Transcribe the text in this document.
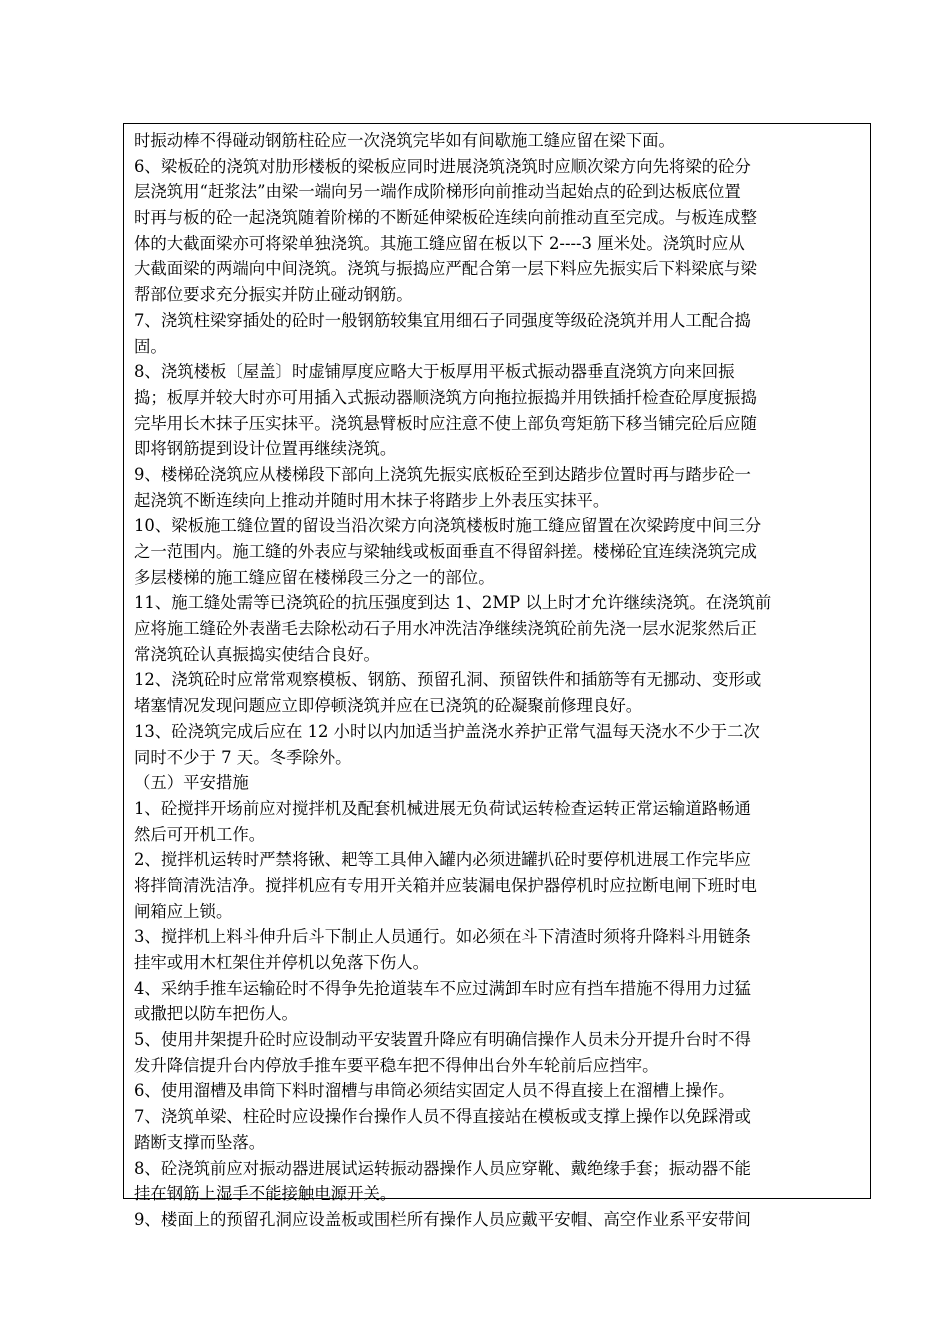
时振动棒不得碰动钢筋柱砼应一次浇筑完毕如有间歇施工缝应留在梁下面。
6、梁板砼的浇筑对肋形楼板的梁板应同时进展浇筑浇筑时应顺次梁方向先将梁的砼分
层浇筑用“赶浆法”由梁一端向另一端作成阶梯形向前推动当起始点的砼到达板底位置
时再与板的砼一起浇筑随着阶梯的不断延伸梁板砼连续向前推动直至完成。与板连成整
体的大截面梁亦可将梁单独浇筑。其施工缝应留在板以下 2----3 厘米处。浇筑时应从
大截面梁的两端向中间浇筑。浇筑与振捣应严配合第一层下料应先振实后下料梁底与梁
帮部位要求充分振实并防止碰动钢筋。
7、浇筑柱梁穿插处的砼时一般钢筋较集宜用细石子同强度等级砼浇筑并用人工配合捣
固。
8、浇筑楼板〔屋盖〕时虚铺厚度应略大于板厚用平板式振动器垂直浇筑方向来回振
捣；板厚并较大时亦可用插入式振动器顺浇筑方向拖拉振捣并用铁插扦检查砼厚度振捣
完毕用长木抹子压实抹平。浇筑悬臂板时应注意不使上部负弯矩筋下移当铺完砼后应随
即将钢筋提到设计位置再继续浇筑。
9、楼梯砼浇筑应从楼梯段下部向上浇筑先振实底板砼至到达踏步位置时再与踏步砼一
起浇筑不断连续向上推动并随时用木抹子将踏步上外表压实抹平。
10、梁板施工缝位置的留设当沿次梁方向浇筑楼板时施工缝应留置在次梁跨度中间三分
之一范围内。施工缝的外表应与梁轴线或板面垂直不得留斜搓。楼梯砼宜连续浇筑完成
多层楼梯的施工缝应留在楼梯段三分之一的部位。
11、施工缝处需等已浇筑砼的抗压强度到达 1、2MP 以上时才允许继续浇筑。在浇筑前
应将施工缝砼外表凿毛去除松动石子用水冲洗洁净继续浇筑砼前先浇一层水泥浆然后正
常浇筑砼认真振捣实使结合良好。
12、浇筑砼时应常常观察模板、钢筋、预留孔洞、预留铁件和插筋等有无挪动、变形或
堵塞情况发现问题应立即停顿浇筑并应在已浇筑的砼凝聚前修理良好。
13、砼浇筑完成后应在 12 小时以内加适当护盖浇水养护正常气温每天浇水不少于二次
同时不少于 7 天。冬季除外。
（五）平安措施
1、砼搅拌开场前应对搅拌机及配套机械进展无负荷试运转检查运转正常运输道路畅通
然后可开机工作。
2、搅拌机运转时严禁将锹、耙等工具伸入罐内必须进罐扒砼时要停机进展工作完毕应
将拌筒清洗洁净。搅拌机应有专用开关箱并应装漏电保护器停机时应拉断电闸下班时电
闸箱应上锁。
3、搅拌机上料斗伸升后斗下制止人员通行。如必须在斗下清渣时须将升降料斗用链条
挂牢或用木杠架住并停机以免落下伤人。
4、采纳手推车运输砼时不得争先抢道装车不应过满卸车时应有挡车措施不得用力过猛
或撒把以防车把伤人。
5、使用井架提升砼时应设制动平安装置升降应有明确信操作人员未分开提升台时不得
发升降信提升台内停放手推车要平稳车把不得伸出台外车轮前后应挡牢。
6、使用溜槽及串筒下料时溜槽与串筒必须结实固定人员不得直接上在溜槽上操作。
7、浇筑单梁、柱砼时应设操作台操作人员不得直接站在模板或支撑上操作以免踩滑或
踏断支撑而坠落。
8、砼浇筑前应对振动器进展试运转振动器操作人员应穿靴、戴绝缘手套；振动器不能
挂在钢筋上湿手不能接触电源开关。
9、楼面上的预留孔洞应设盖板或围栏所有操作人员应戴平安帽、高空作业系平安带间
